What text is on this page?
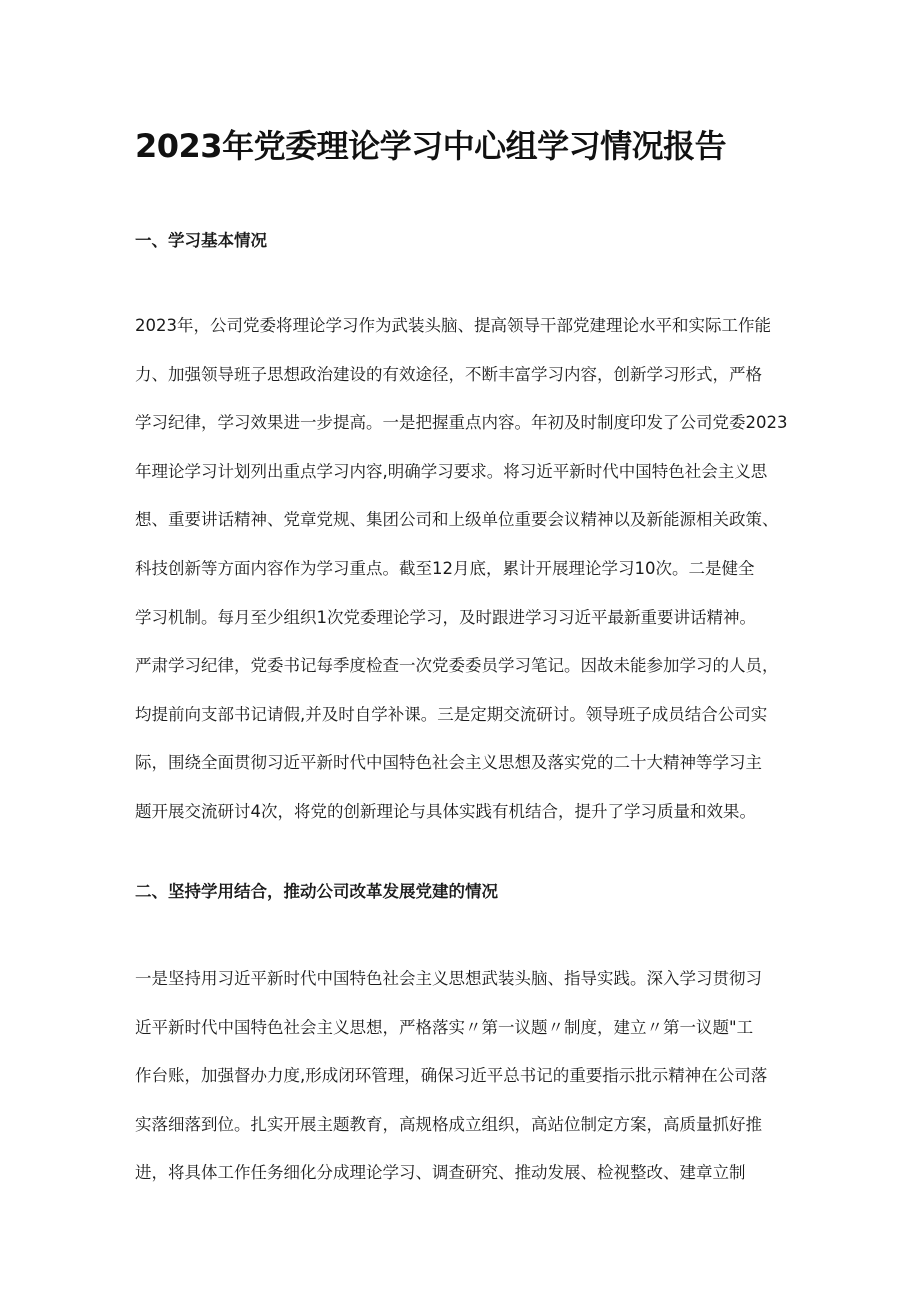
2023年党委理论学习中心组学习情况报告
一、学习基本情况
2023年，公司党委将理论学习作为武装头脑、提高领导干部党建理论水平和实际工作能
力、加强领导班子思想政治建设的有效途径，不断丰富学习内容，创新学习形式，严格
学习纪律，学习效果进一步提高。一是把握重点内容。年初及时制度印发了公司党委2023
年理论学习计划列出重点学习内容,明确学习要求。将习近平新时代中国特色社会主义思
想、重要讲话精神、党章党规、集团公司和上级单位重要会议精神以及新能源相关政策、
科技创新等方面内容作为学习重点。截至12月底，累计开展理论学习10次。二是健全
学习机制。每月至少组织1次党委理论学习，及时跟进学习习近平最新重要讲话精神。
严肃学习纪律，党委书记每季度检查一次党委委员学习笔记。因故未能参加学习的人员，
均提前向支部书记请假,并及时自学补课。三是定期交流研讨。领导班子成员结合公司实
际，围绕全面贯彻习近平新时代中国特色社会主义思想及落实党的二十大精神等学习主
题开展交流研讨4次，将党的创新理论与具体实践有机结合，提升了学习质量和效果。
二、坚持学用结合，推动公司改革发展党建的情况
一是坚持用习近平新时代中国特色社会主义思想武装头脑、指导实践。深入学习贯彻习
近平新时代中国特色社会主义思想，严格落实〃第一议题〃制度，建立〃第一议题"工
作台账，加强督办力度,形成闭环管理，确保习近平总书记的重要指示批示精神在公司落
实落细落到位。扎实开展主题教育，高规格成立组织，高站位制定方案，高质量抓好推
进，将具体工作任务细化分成理论学习、调查研究、推动发展、检视整改、建章立制
